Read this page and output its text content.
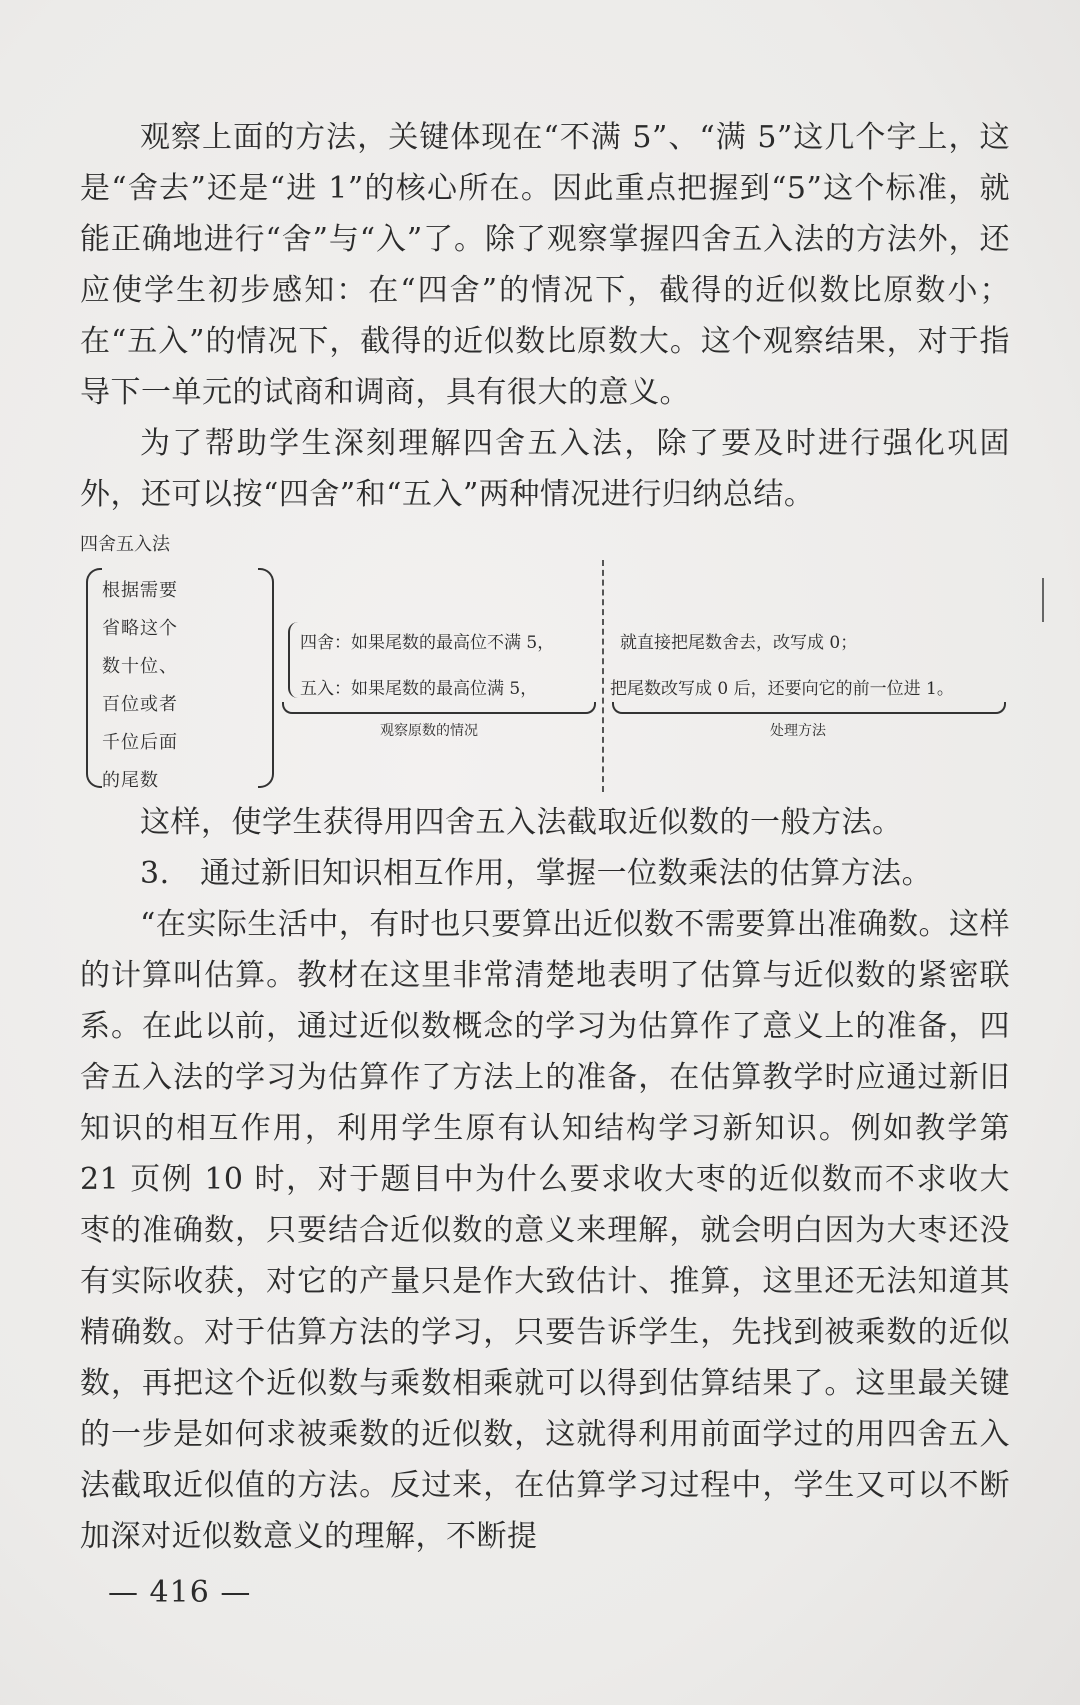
观察上面的方法，关键体现在“不满 5”、“满 5”这几个字上，这是“舍去”还是“进 1”的核心所在。因此重点把握到“5”这个标准，就能正确地进行“舍”与“入”了。除了观察掌握四舍五入法的方法外，还应使学生初步感知：在“四舍”的情况下，截得的近似数比原数小；在“五入”的情况下，截得的近似数比原数大。这个观察结果，对于指导下一单元的试商和调商，具有很大的意义。

为了帮助学生深刻理解四舍五入法，除了要及时进行强化巩固外，还可以按“四舍”和“五入”两种情况进行归纳总结。

四舍五入法
根据需要省略这个数十位、百位或者千位后面的尾数
四舍：如果尾数的最高位不满 5，	就直接把尾数舍去，改写成 0；
五入：如果尾数的最高位满 5，	把尾数改写成 0 后，还要向它的前一位进 1。
观察原数的情况	处理方法

这样，使学生获得用四舍五入法截取近似数的一般方法。

3.　通过新旧知识相互作用，掌握一位数乘法的估算方法。

“在实际生活中，有时也只要算出近似数不需要算出准确数。这样的计算叫估算。教材在这里非常清楚地表明了估算与近似数的紧密联系。在此以前，通过近似数概念的学习为估算作了意义上的准备，四舍五入法的学习为估算作了方法上的准备，在估算教学时应通过新旧知识的相互作用，利用学生原有认知结构学习新知识。例如教学第 21 页例 10 时，对于题目中为什么要求收大枣的近似数而不求收大枣的准确数，只要结合近似数的意义来理解，就会明白因为大枣还没有实际收获，对它的产量只是作大致估计、推算，这里还无法知道其精确数。对于估算方法的学习，只要告诉学生，先找到被乘数的近似数，再把这个近似数与乘数相乘就可以得到估算结果了。这里最关键的一步是如何求被乘数的近似数，这就得利用前面学过的用四舍五入法截取近似值的方法。反过来，在估算学习过程中，学生又可以不断加深对近似数意义的理解，不断提

— 416 —
